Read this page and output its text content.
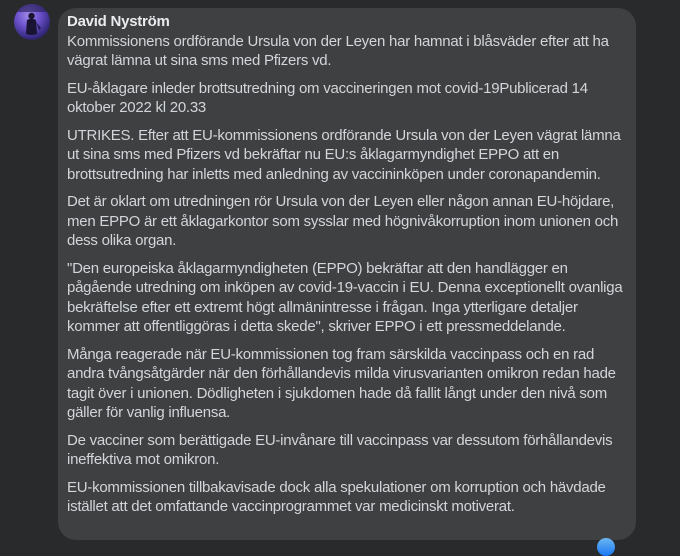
David Nyström

Kommissionens ordförande Ursula von der Leyen har hamnat i blåsväder efter att ha vägrat lämna ut sina sms med Pfizers vd.

EU-åklagare inleder brottsutredning om vaccineringen mot covid-19Publicerad 14 oktober 2022 kl 20.33

UTRIKES. Efter att EU-kommissionens ordförande Ursula von der Leyen vägrat lämna ut sina sms med Pfizers vd bekräftar nu EU:s åklagarmyndighet EPPO att en brottsutredning har inletts med anledning av vaccininköpen under coronapandemin.

Det är oklart om utredningen rör Ursula von der Leyen eller någon annan EU-höjdare, men EPPO är ett åklagarkontor som sysslar med högnivåkorruption inom unionen och dess olika organ.

"Den europeiska åklagarmyndigheten (EPPO) bekräftar att den handlägger en pågående utredning om inköpen av covid-19-vaccin i EU. Denna exceptionellt ovanliga bekräftelse efter ett extremt högt allmänintresse i frågan. Inga ytterligare detaljer kommer att offentliggöras i detta skede", skriver EPPO i ett pressmeddelande.

Många reagerade när EU-kommissionen tog fram särskilda vaccinpass och en rad andra tvångsåtgärder när den förhållandevis milda virusvarianten omikron redan hade tagit över i unionen. Dödligheten i sjukdomen hade då fallit långt under den nivå som gäller för vanlig influensa.

De vacciner som berättigade EU-invånare till vaccinpass var dessutom förhållandevis ineffektiva mot omikron.

EU-kommissionen tillbakavisade dock alla spekulationer om korruption och hävdade istället att det omfattande vaccinprogrammet var medicinskt motiverat.
